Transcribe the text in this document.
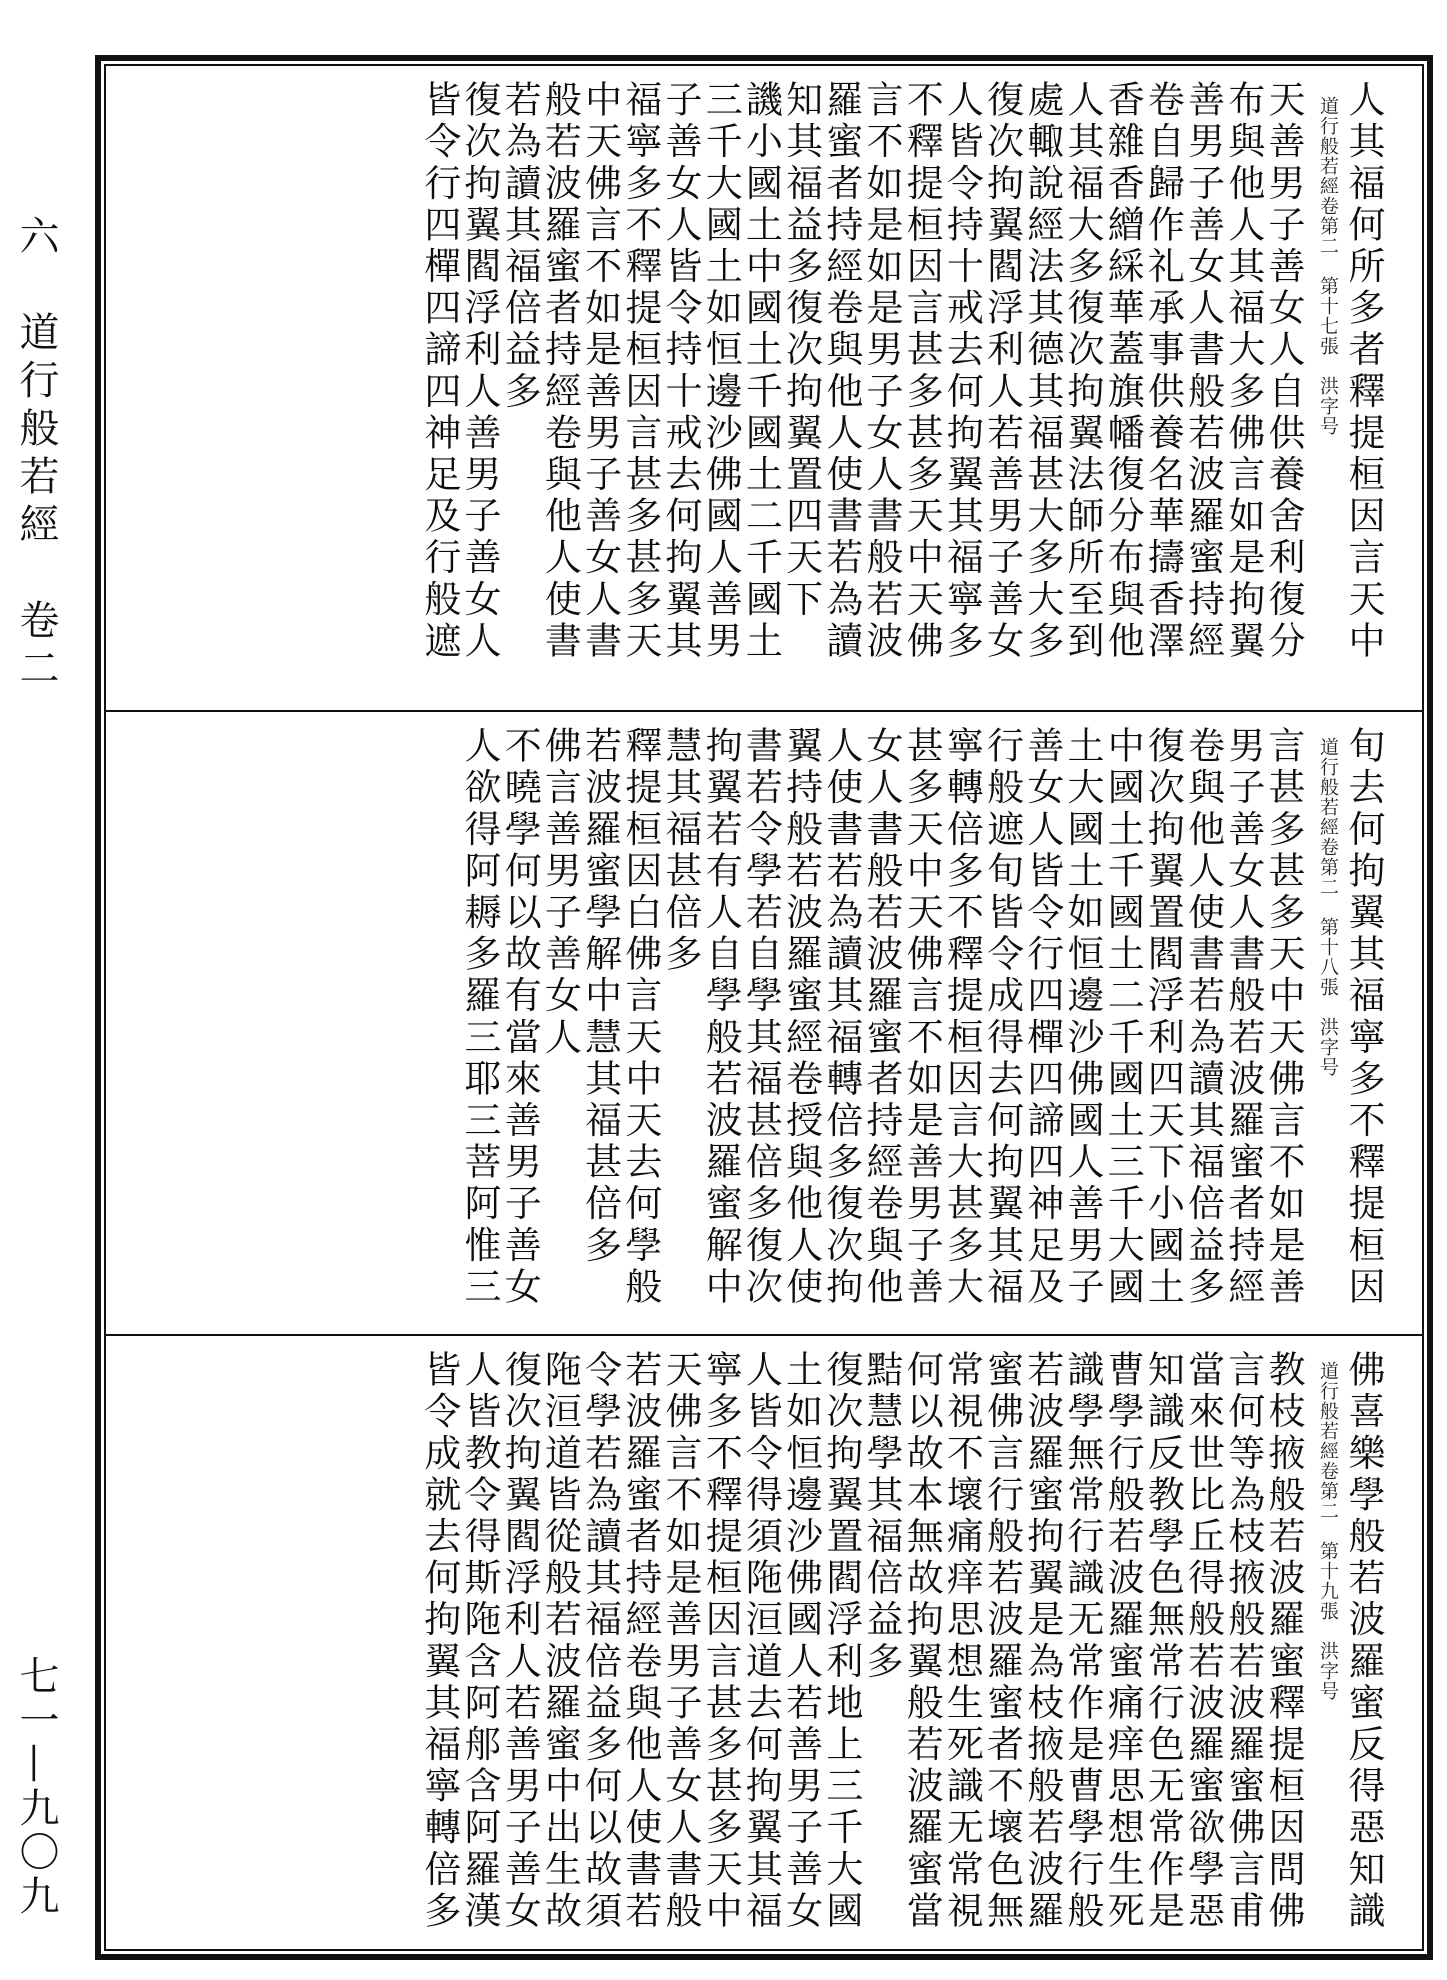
六　道行般若經　卷二
七一—九〇九
道行般若經卷第二　第十七張　洪字号 人其福何所多者釋提桓因言天中
天善男子善女人自供養舍利復分
布與他人其福大多佛言如是拘翼
善男子善女人書般若波羅蜜持經
卷自歸作礼承事供養名華擣香澤
香雜香繒綵華蓋旗幡復分布與他
人其福大多復次拘翼法師所至到
處輙說經法其德其福甚大多大多
復次拘翼閻浮利人若善男子善女
人皆令持十戒去何拘翼其福寧多
不釋提桓因言甚多甚多天中天佛
言不如是如是男子女人書般若波
羅蜜者持經卷與他人使書若為讀
知其福益多復次拘翼置四天下
譏小國土中國土千國土二千國土
三千大國土如恒邊沙佛國人善男
子善女人皆令持十戒去何拘翼其
福寧多不釋提桓因言甚多甚多天
中天佛言不如是善男子善女人書
般若波羅蜜者持經卷與他人使書
若為讀其福倍益多
復次拘翼閻浮利人善男子善女人
皆令行四樿四諦四神足及行般遮
道行般若經卷第二　第十八張　洪字号 旬去何拘翼其福寧多不釋提桓因
言甚多甚多天中天佛言不如是善
男子善女人書般若波羅蜜者持經
卷與他人使書若為讀其福倍益多
復次拘翼置閻浮利四天下小國土
中國土千國土二千國土三千大國
土大國土如恒邊沙佛國人善男子
善女人皆令行四樿四諦四神足及
行般遮旬皆令成得去何拘翼其福
寧轉倍多不釋提桓因言大甚多大
甚多天中天佛言不如是善男子善
女人書般若波羅蜜者持經卷與他
人使書若為讀其福轉倍多復次拘
翼持般若波羅蜜經卷授與他人使
書若令學若自學其福甚倍多復次
拘翼若有人自學般若波羅蜜解中
慧其福甚倍多
釋提桓因白佛言天中天去何學般
若波羅蜜學解中慧其福甚倍多
佛言善男子善女人
不曉學何以故有當來善男子善女
人欲得阿耨多羅三耶三菩阿惟三
道行般若經卷第二　第十九張　洪字号 佛喜樂學般若波羅蜜反得惡知識
教枝掖般若波羅蜜釋提桓因問佛
言何等為枝掖般若波羅蜜佛言甫
當來世比丘得般若波羅蜜欲學惡
知識反教學色無常行色无常作是
曹學行般若波羅蜜痛痒思想生死
識學無常行識无常作是曹學行般
若波羅蜜拘翼是為枝掖般若波羅
蜜佛言行般若波羅蜜者不壞色無
常視不壞痛痒思想生死識无常視
何以故本無故拘翼般若波羅蜜當
黠慧學其福倍益多
復次拘翼置閻浮利地上三千大國
土如恒邊沙佛國人若善男子善女
人皆令得須陁洹道去何拘翼其福
寧多不釋提桓因言甚多甚多天中
天佛言不如是善男子善女人書般
若波羅蜜者持經卷與他人使書若
令學若為讀其福倍益多何以故須
陁洹道皆從般若波羅蜜中出生故
復次拘翼閻浮利人若善男子善女
人皆教令得斯陁含阿郍含阿羅漢
皆令成就去何拘翼其福寧轉倍多
